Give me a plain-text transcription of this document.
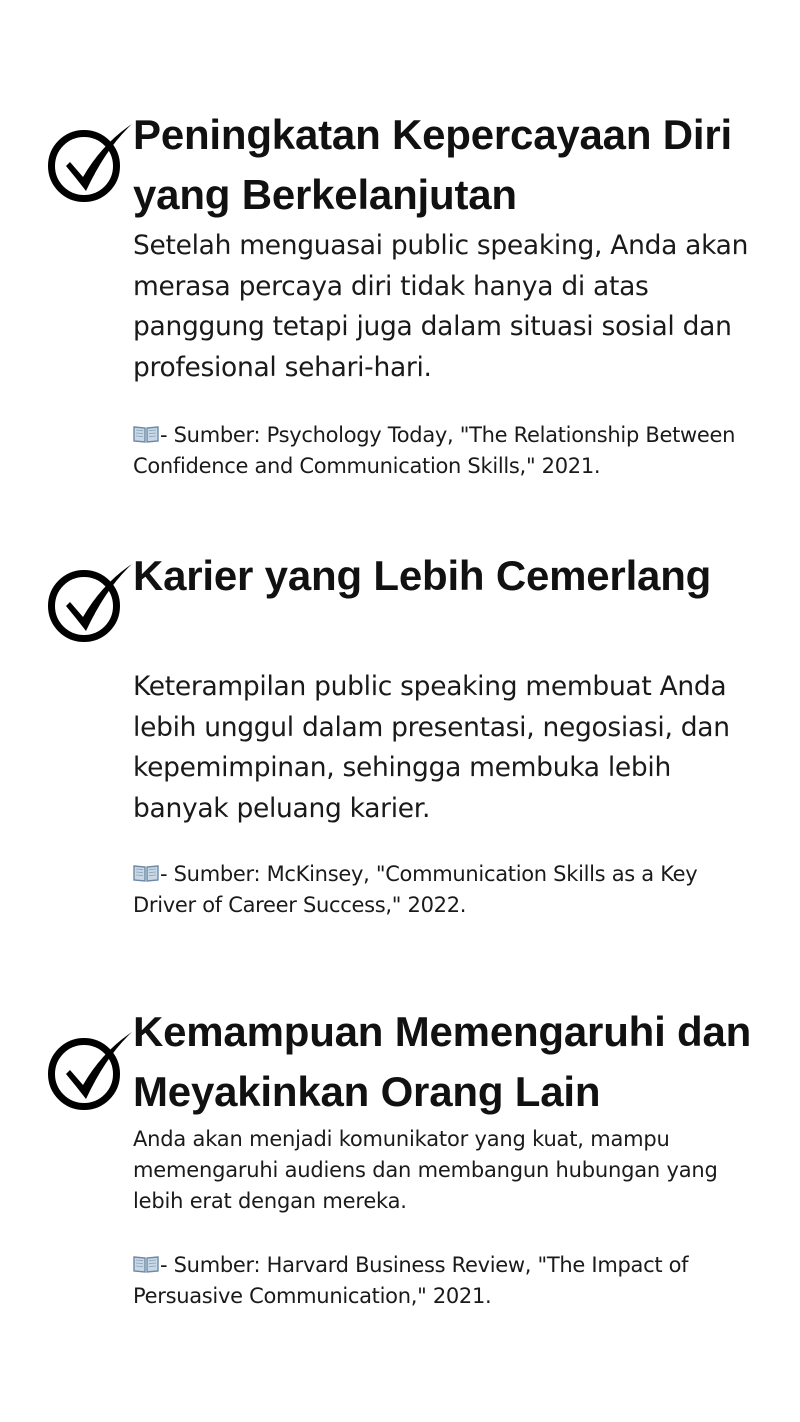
Peningkatan Kepercayaan Diri yang Berkelanjutan

Setelah menguasai public speaking, Anda akan merasa percaya diri tidak hanya di atas panggung tetapi juga dalam situasi sosial dan profesional sehari-hari.

- Sumber: Psychology Today, "The Relationship Between Confidence and Communication Skills," 2021.

Karier yang Lebih Cemerlang

Keterampilan public speaking membuat Anda lebih unggul dalam presentasi, negosiasi, dan kepemimpinan, sehingga membuka lebih banyak peluang karier.

- Sumber: McKinsey, "Communication Skills as a Key Driver of Career Success," 2022.

Kemampuan Memengaruhi dan Meyakinkan Orang Lain

Anda akan menjadi komunikator yang kuat, mampu memengaruhi audiens dan membangun hubungan yang lebih erat dengan mereka.

- Sumber: Harvard Business Review, "The Impact of Persuasive Communication," 2021.
